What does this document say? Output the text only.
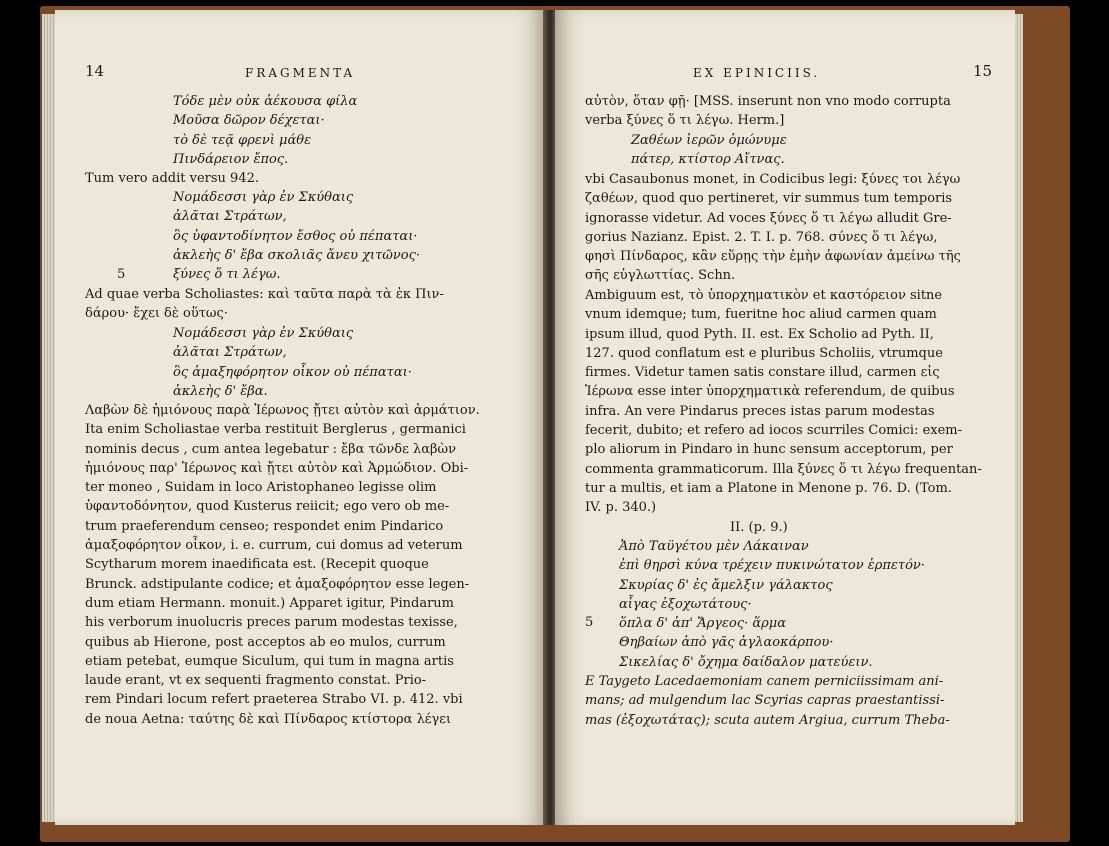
14	FRAGMENTA
Τόδε μὲν οὐκ ἀέκουσα φίλα
Μοῦσα δῶρον δέχεται·
τὸ δὲ τεᾷ φρενὶ μάθε
Πινδάρειον ἔπος.
Tum vero addit versu 942.
Νομάδεσσι γὰρ ἐν Σκύθαις
ἀλᾶται Στράτων,
ὃς ὑφαντοδίνητον ἔσθος οὐ πέπαται·
ἀκλεὴς δ' ἔβα σκολιᾶς ἄνευ χιτῶνος·
ξύνες ὅ τι λέγω.
5
Ad quae verba Scholiastes: καὶ ταῦτα παρὰ τὰ ἐκ Πιν-
δάρου· ἔχει δὲ οὕτως·
Νομάδεσσι γὰρ ἐν Σκύθαις
ἀλᾶται Στράτων,
ὃς ἁμαξηφόρητον οἶκον οὐ πέπαται·
ἀκλεὴς δ' ἔβα.
Λαβὼν δὲ ἡμιόνους παρὰ Ἱέρωνος ᾔτει αὐτὸν καὶ ἁρμάτιον.
Ita enim Scholiastae verba restituit Berglerus , germanici
nominis decus , cum antea legebatur : ἔβα τῶνδε λαβὼν
ἡμιόνους παρ' Ἱέρωνος καὶ ᾔτει αὐτὸν καὶ Ἀρμώδιον. Obi-
ter moneo , Suidam in loco Aristophaneo legisse olim
ὑφαντοδόνητον, quod Kusterus reiicit; ego vero ob me-
trum praeferendum censeo; respondet enim Pindarico
ἁμαξοφόρητον οἶκον, i. e. currum, cui domus ad veterum
Scytharum morem inaedificata est. (Recepit quoque
Brunck. adstipulante codice; et ἁμαξοφόρητον esse legen-
dum etiam Hermann. monuit.) Apparet igitur, Pindarum
his verborum inuolucris preces parum modestas texisse,
quibus ab Hierone, post acceptos ab eo mulos, currum
etiam petebat, eumque Siculum, qui tum in magna artis
laude erant, vt ex sequenti fragmento constat. Prio-
rem Pindari locum refert praeterea Strabo VI. p. 412. vbi
de noua Aetna: ταύτης δὲ καὶ Πίνδαρος κτίστορα λέγει
EX EPINICIIS.	15
αὐτὸν, ὅταν φῇ· [MSS. inserunt non vno modo corrupta
verba ξύνες ὅ τι λέγω. Herm.]
Ζαθέων ἱερῶν ὁμώνυμε
πάτερ, κτίστορ Αἴτνας.
vbi Casaubonus monet, in Codicibus legi: ξύνες τοι λέγω
ζαθέων, quod quo pertineret, vir summus tum temporis
ignorasse videtur. Ad voces ξύνες ὅ τι λέγω alludit Gre-
gorius Nazianz. Epist. 2. T. I. p. 768. σύνες ὅ τι λέγω,
φησὶ Πίνδαρος, κἂν εὕρῃς τὴν ἐμὴν ἀφωνίαν ἀμείνω τῆς
σῆς εὐγλωττίας. Schn.
Ambiguum est, τὸ ὑπορχηματικὸν et καστόρειον sitne
vnum idemque; tum, fueritne hoc aliud carmen quam
ipsum illud, quod Pyth. II. est. Ex Scholio ad Pyth. II,
127. quod conflatum est e pluribus Scholiis, vtrumque
firmes. Videtur tamen satis constare illud, carmen εἰς
Ἱέρωνα esse inter ὑπορχηματικὰ referendum, de quibus
infra. An vere Pindarus preces istas parum modestas
fecerit, dubito; et refero ad iocos scurriles Comici: exem-
plo aliorum in Pindaro in hunc sensum acceptorum, per
commenta grammaticorum. Illa ξύνες ὅ τι λέγω frequentan-
tur a multis, et iam a Platone in Menone p. 76. D. (Tom.
IV. p. 340.)
II. (p. 9.)
Ἀπὸ Ταϋγέτου μὲν Λάκαιναν
ἐπὶ θηρσὶ κύνα τρέχειν πυκινώτατον ἑρπετόν·
Σκυρίας δ' ἐς ἄμελξιν γάλακτος
αἶγας ἐξοχωτάτους·
ὅπλα δ' ἀπ' Ἄργεος· ἅρμα
Θηβαίων ἀπὸ γᾶς ἀγλαοκάρπου·
Σικελίας δ' ὄχημα δαίδαλον ματεύειν.
5
E Taygeto Lacedaemoniam canem perniciissimam ani-
mans; ad mulgendum lac Scyrias capras praestantissi-
mas (ἐξοχωτάτας); scuta autem Argiua, currum Theba-
